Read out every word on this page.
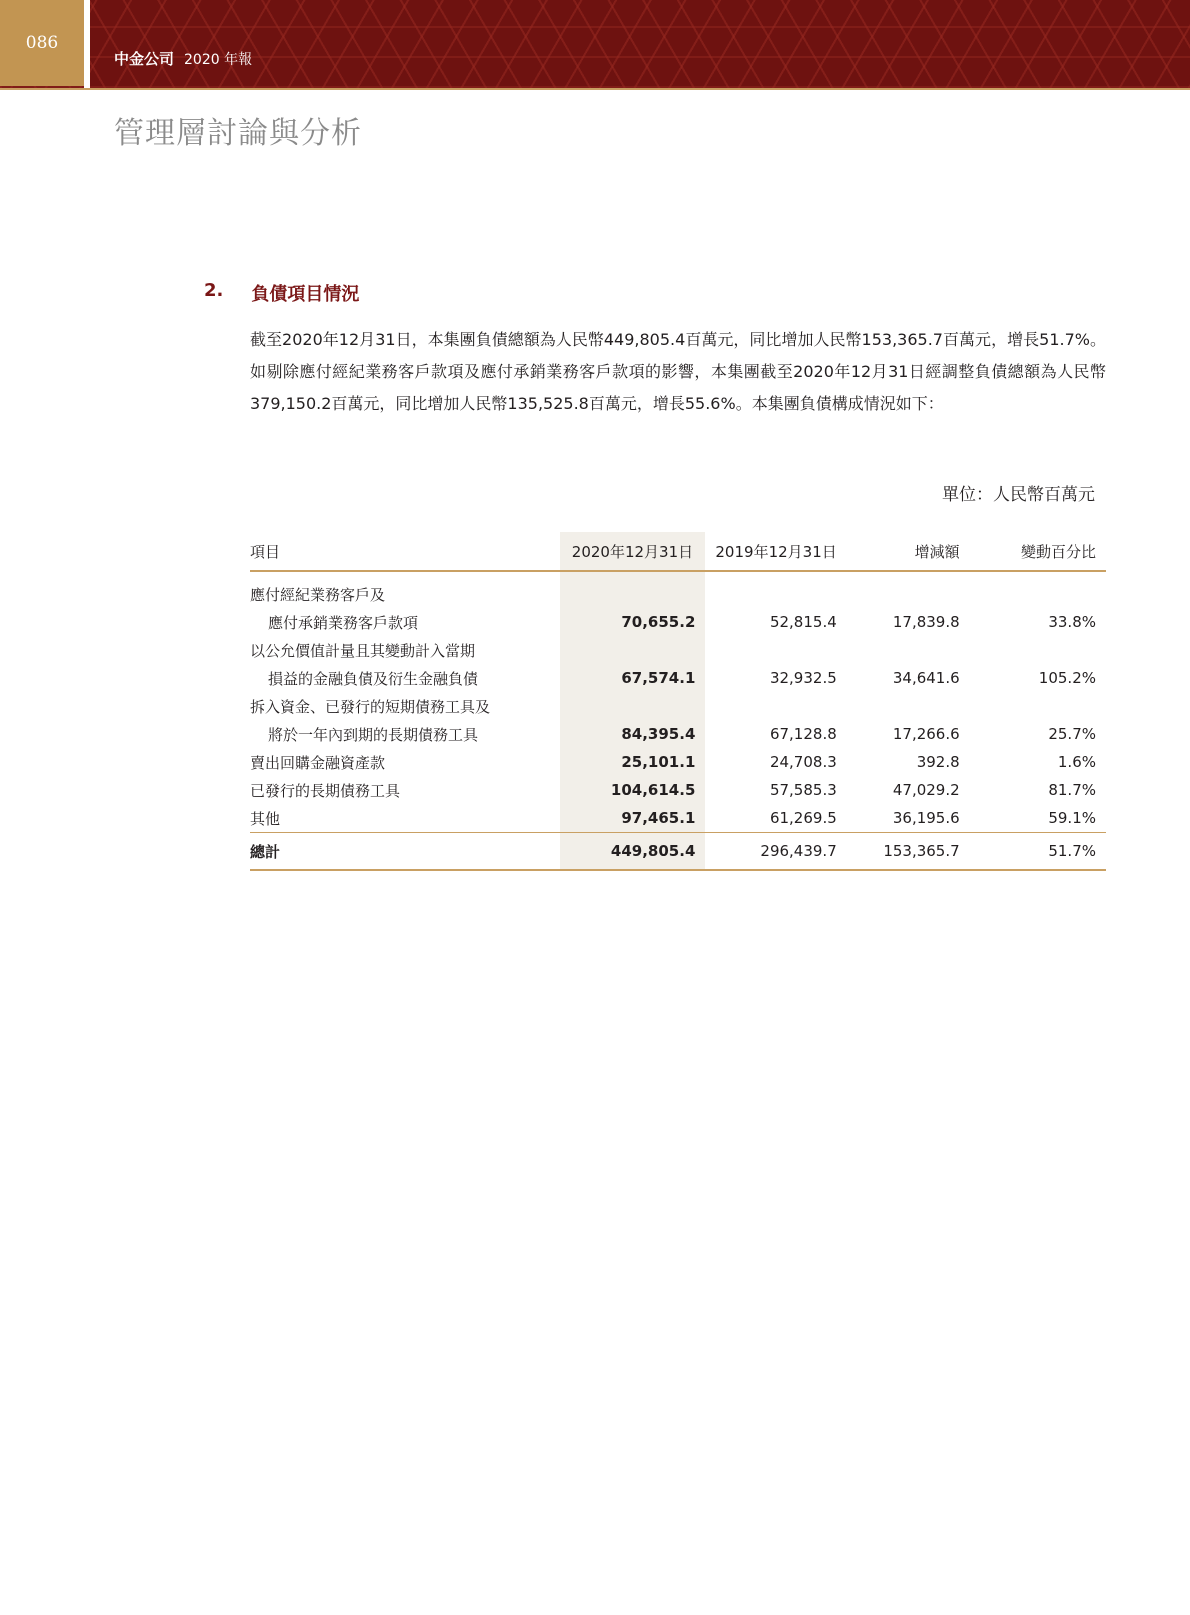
086
中金公司 2020 年報
管理層討論與分析
2. 負債項目情況
截至2020年12月31日，本集團負債總額為人民幣449,805.4百萬元，同比增加人民幣153,365.7百萬元，增長51.7%。如剔除應付經紀業務客戶款項及應付承銷業務客戶款項的影響，本集團截至2020年12月31日經調整負債總額為人民幣379,150.2百萬元，同比增加人民幣135,525.8百萬元，增長55.6%。本集團負債構成情況如下：
單位：人民幣百萬元
項目	2020年12月31日	2019年12月31日	增減額	變動百分比
應付經紀業務客戶及				
應付承銷業務客戶款項	70,655.2	52,815.4	17,839.8	33.8%
以公允價值計量且其變動計入當期				
損益的金融負債及衍生金融負債	67,574.1	32,932.5	34,641.6	105.2%
拆入資金、已發行的短期債務工具及				
將於一年內到期的長期債務工具	84,395.4	67,128.8	17,266.6	25.7%
賣出回購金融資產款	25,101.1	24,708.3	392.8	1.6%
已發行的長期債務工具	104,614.5	57,585.3	47,029.2	81.7%
其他	97,465.1	61,269.5	36,195.6	59.1%
總計	449,805.4	296,439.7	153,365.7	51.7%
